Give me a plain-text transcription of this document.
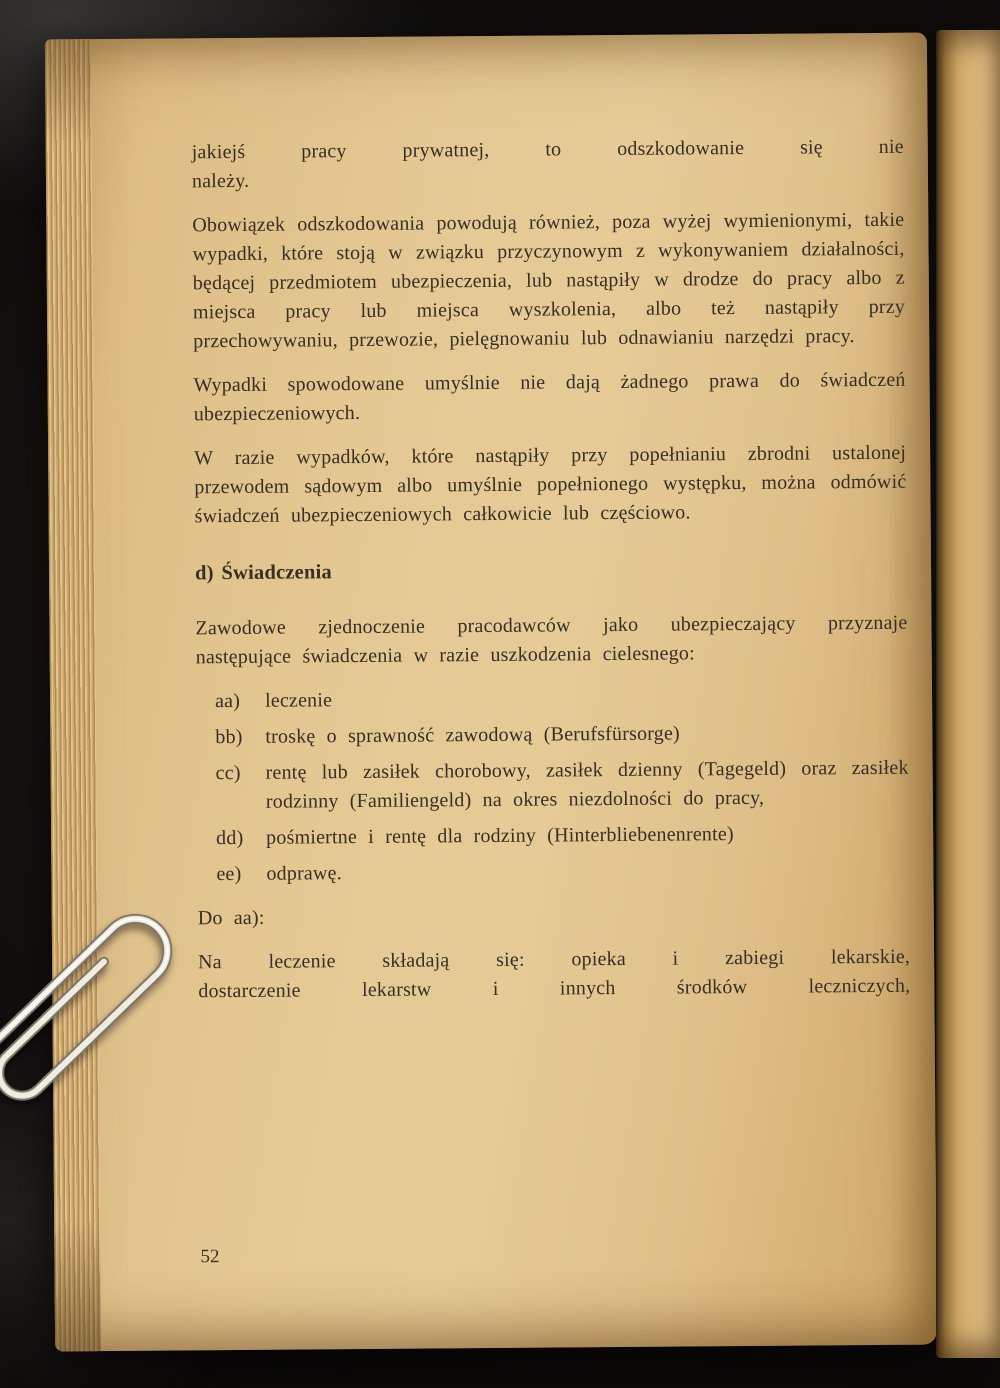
jakiejś pracy prywatnej, to odszkodowanie się nie
należy.

Obowiązek odszkodowania powodują również, poza wyżej wymienionymi, takie wypadki, które stoją w związku przyczynowym z wykonywaniem działalności, będącej przedmiotem ubezpieczenia, lub nastąpiły w drodze do pracy albo z miejsca pracy lub miejsca wyszkolenia, albo też nastąpiły przy przechowywaniu, przewozie, pielęgnowaniu lub odnawianiu narzędzi pracy.

Wypadki spowodowane umyślnie nie dają żadnego prawa do świadczeń ubezpieczeniowych.

W razie wypadków, które nastąpiły przy popełnianiu zbrodni ustalonej przewodem sądowym albo umyślnie popełnionego występku, można odmówić świadczeń ubezpieczeniowych całkowicie lub częściowo.

d) Świadczenia

Zawodowe zjednoczenie pracodawców jako ubezpieczający przyznaje następujące świadczenia w razie uszkodzenia cielesnego:

aa)	leczenie
bb)	troskę o sprawność zawodową (Berufsfürsorge)
cc)	rentę lub zasiłek chorobowy, zasiłek dzienny (Tagegeld) oraz zasiłek rodzinny (Familiengeld) na okres niezdolności do pracy,
dd)	pośmiertne i rentę dla rodziny (Hinterbliebenenrente)
ee)	odprawę.

Do aa):

Na leczenie składają się: opieka i zabiegi lekarskie,
dostarczenie lekarstw i innych środków leczniczych,

52
